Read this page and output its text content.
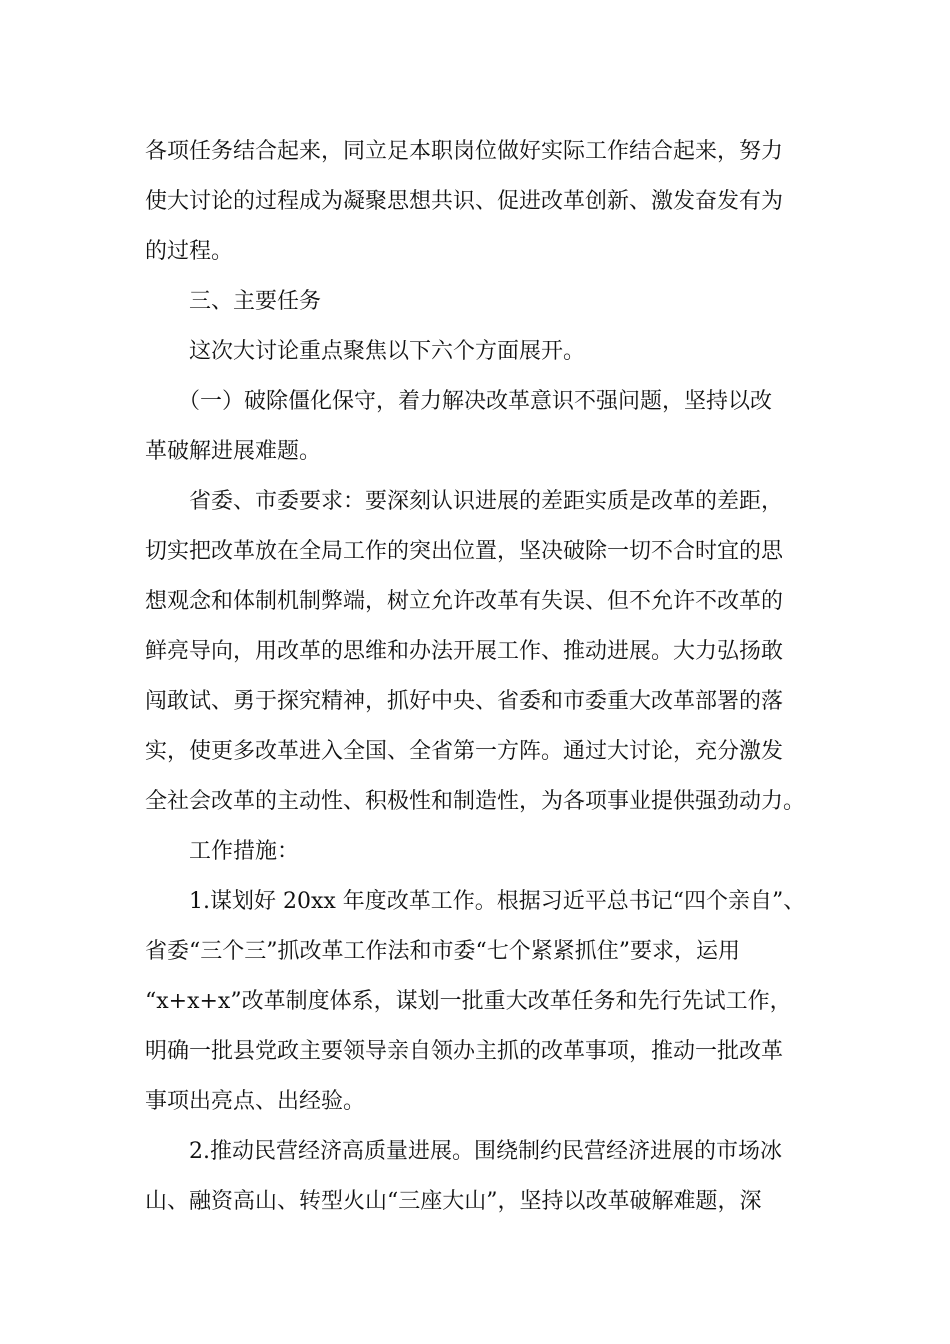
各项任务结合起来，同立足本职岗位做好实际工作结合起来，努力
使大讨论的过程成为凝聚思想共识、促进改革创新、激发奋发有为
的过程。
三、主要任务
这次大讨论重点聚焦以下六个方面展开。
（一）破除僵化保守，着力解决改革意识不强问题，坚持以改
革破解进展难题。
省委、市委要求：要深刻认识进展的差距实质是改革的差距，
切实把改革放在全局工作的突出位置，坚决破除一切不合时宜的思
想观念和体制机制弊端，树立允许改革有失误、但不允许不改革的
鲜亮导向，用改革的思维和办法开展工作、推动进展。大力弘扬敢
闯敢试、勇于探究精神，抓好中央、省委和市委重大改革部署的落
实，使更多改革进入全国、全省第一方阵。通过大讨论，充分激发
全社会改革的主动性、积极性和制造性，为各项事业提供强劲动力。
工作措施：
1.谋划好 20xx 年度改革工作。根据习近平总书记“四个亲自”、
省委“三个三”抓改革工作法和市委“七个紧紧抓住”要求，运用
“x+x+x”改革制度体系，谋划一批重大改革任务和先行先试工作，
明确一批县党政主要领导亲自领办主抓的改革事项，推动一批改革
事项出亮点、出经验。
2.推动民营经济高质量进展。围绕制约民营经济进展的市场冰
山、融资高山、转型火山“三座大山”，坚持以改革破解难题，深
